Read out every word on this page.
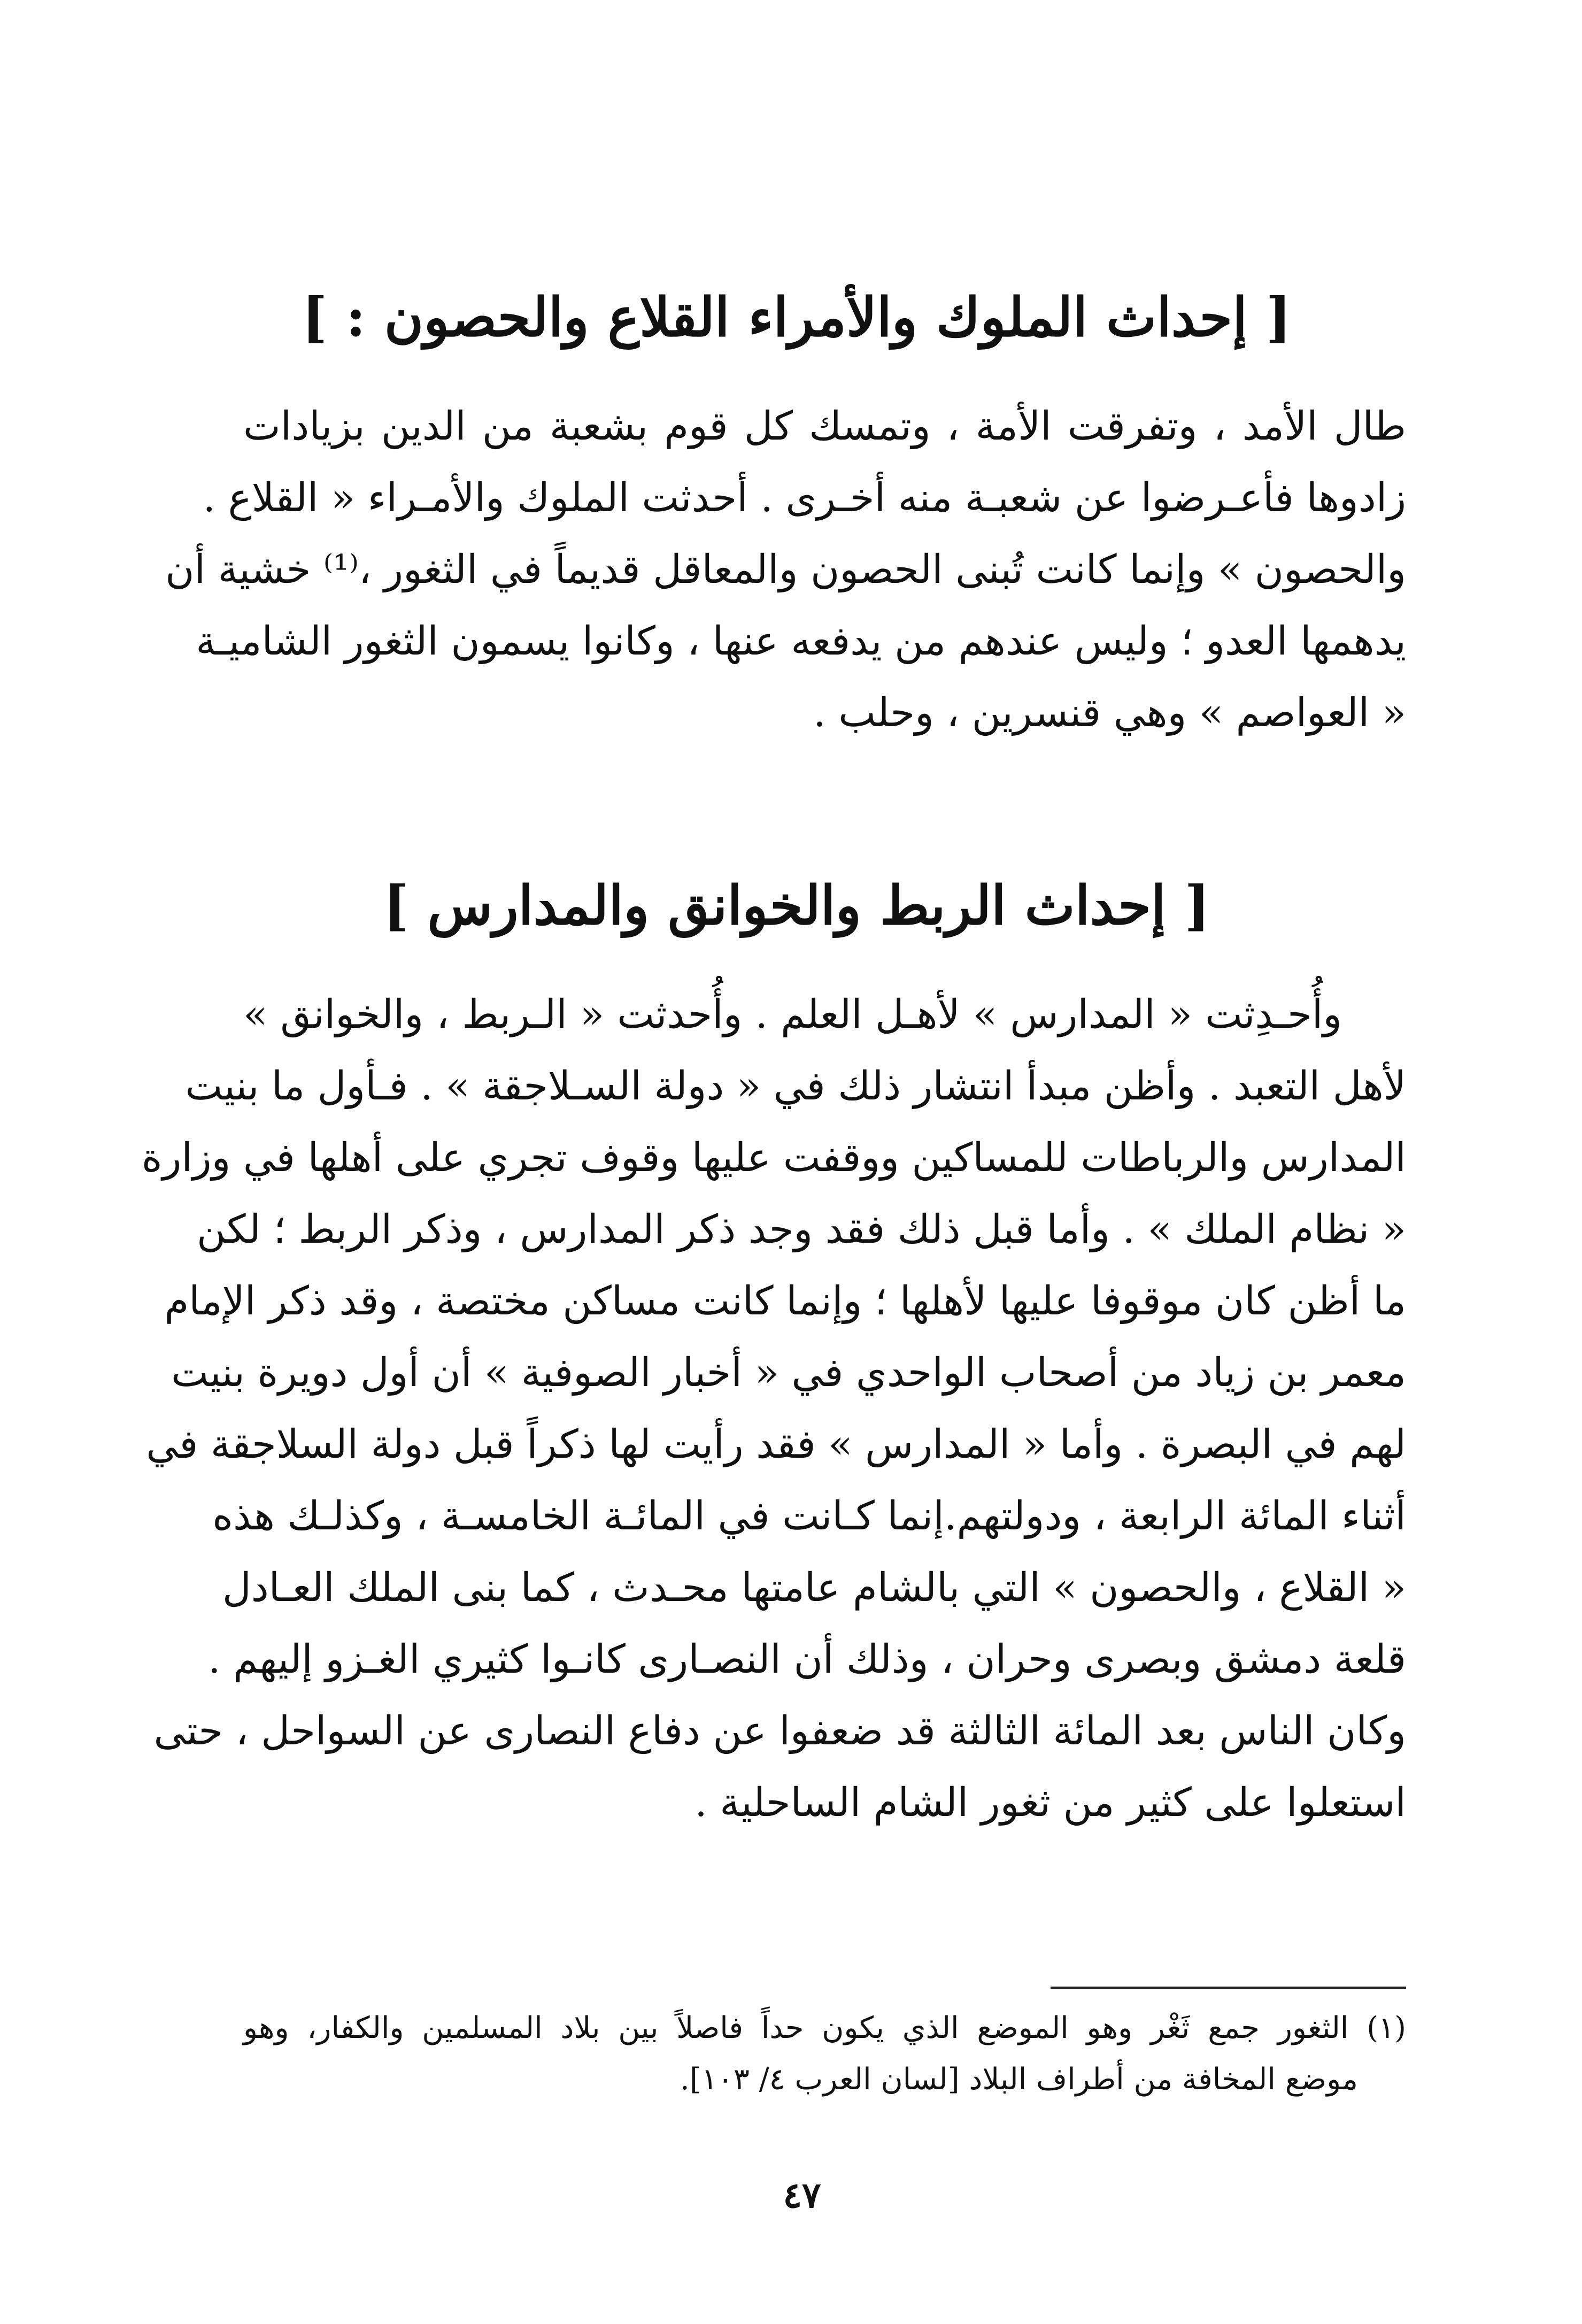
[ إحداث الملوك والأمراء القلاع والحصون : ]
طال الأمد ، وتفرقت الأمة ، وتمسك كل قوم بشعبة من الدين بزيادات
زادوها فأعـرضوا عن شعبـة منه أخـرى . أحدثت الملوك والأمـراء « القلاع .
والحصون » وإنما كانت تُبنى الحصون والمعاقل قديماً في الثغور ،⁽¹⁾ خشية أن
يدهمها العدو ؛ وليس عندهم من يدفعه عنها ، وكانوا يسمون الثغور الشاميـة
« العواصم » وهي قنسرين ، وحلب .
[ إحداث الربط والخوانق والمدارس ]
وأُحـدِثت « المدارس » لأهـل العلم . وأُحدثت « الـربط ، والخوانق »
لأهل التعبد . وأظن مبدأ انتشار ذلك في « دولة السـلاجقة » . فـأول ما بنيت
المدارس والرباطات للمساكين ووقفت عليها وقوف تجري على أهلها في وزارة
« نظام الملك » . وأما قبل ذلك فقد وجد ذكر المدارس ، وذكر الربط ؛ لكن
ما أظن كان موقوفا عليها لأهلها ؛ وإنما كانت مساكن مختصة ، وقد ذكر الإمام
معمر بن زياد من أصحاب الواحدي في « أخبار الصوفية » أن أول دويرة بنيت
لهم في البصرة . وأما « المدارس » فقد رأيت لها ذكراً قبل دولة السلاجقة في
أثناء المائة الرابعة ، ودولتهم.إنما كـانت في المائـة الخامسـة ، وكذلـك هذه
« القلاع ، والحصون » التي بالشام عامتها محـدث ، كما بنى الملك العـادل
قلعة دمشق وبصرى وحران ، وذلك أن النصـارى كانـوا كثيري الغـزو إليهم .
وكان الناس بعد المائة الثالثة قد ضعفوا عن دفاع النصارى عن السواحل ، حتى
استعلوا على كثير من ثغور الشام الساحلية .
(١) الثغور جمع ثَغْر وهو الموضع الذي يكون حداً فاصلاً بين بلاد المسلمين والكفار، وهو
موضع المخافة من أطراف البلاد [لسان العرب ٤/ ١٠٣].
٤٧
